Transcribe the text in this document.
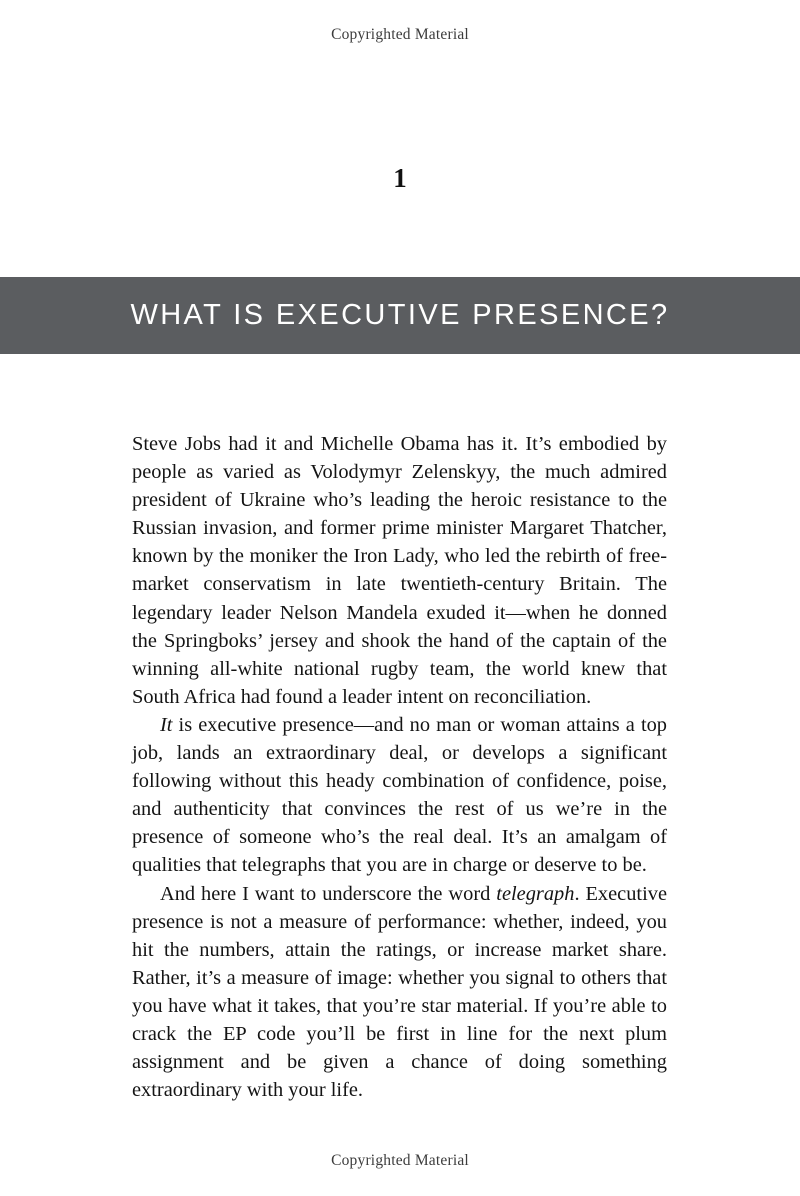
Copyrighted Material
1
WHAT IS EXECUTIVE PRESENCE?

Steve Jobs had it and Michelle Obama has it. It’s embodied by people as varied as Volodymyr Zelenskyy, the much admired president of Ukraine who’s leading the heroic resistance to the Russian invasion, and former prime minister Margaret Thatcher, known by the moniker the Iron Lady, who led the rebirth of free-market conservatism in late twentieth-century Britain. The legendary leader Nelson Mandela exuded it—when he donned the Springboks’ jersey and shook the hand of the captain of the winning all-white national rugby team, the world knew that South Africa had found a leader intent on reconciliation.

It is executive presence—and no man or woman attains a top job, lands an extraordinary deal, or develops a significant following without this heady combination of confidence, poise, and authenticity that convinces the rest of us we’re in the presence of someone who’s the real deal. It’s an amalgam of qualities that telegraphs that you are in charge or deserve to be.

And here I want to underscore the word telegraph. Executive presence is not a measure of performance: whether, indeed, you hit the numbers, attain the ratings, or increase market share. Rather, it’s a measure of image: whether you signal to others that you have what it takes, that you’re star material. If you’re able to crack the EP code you’ll be first in line for the next plum assignment and be given a chance of doing something extraordinary with your life.

Copyrighted Material
